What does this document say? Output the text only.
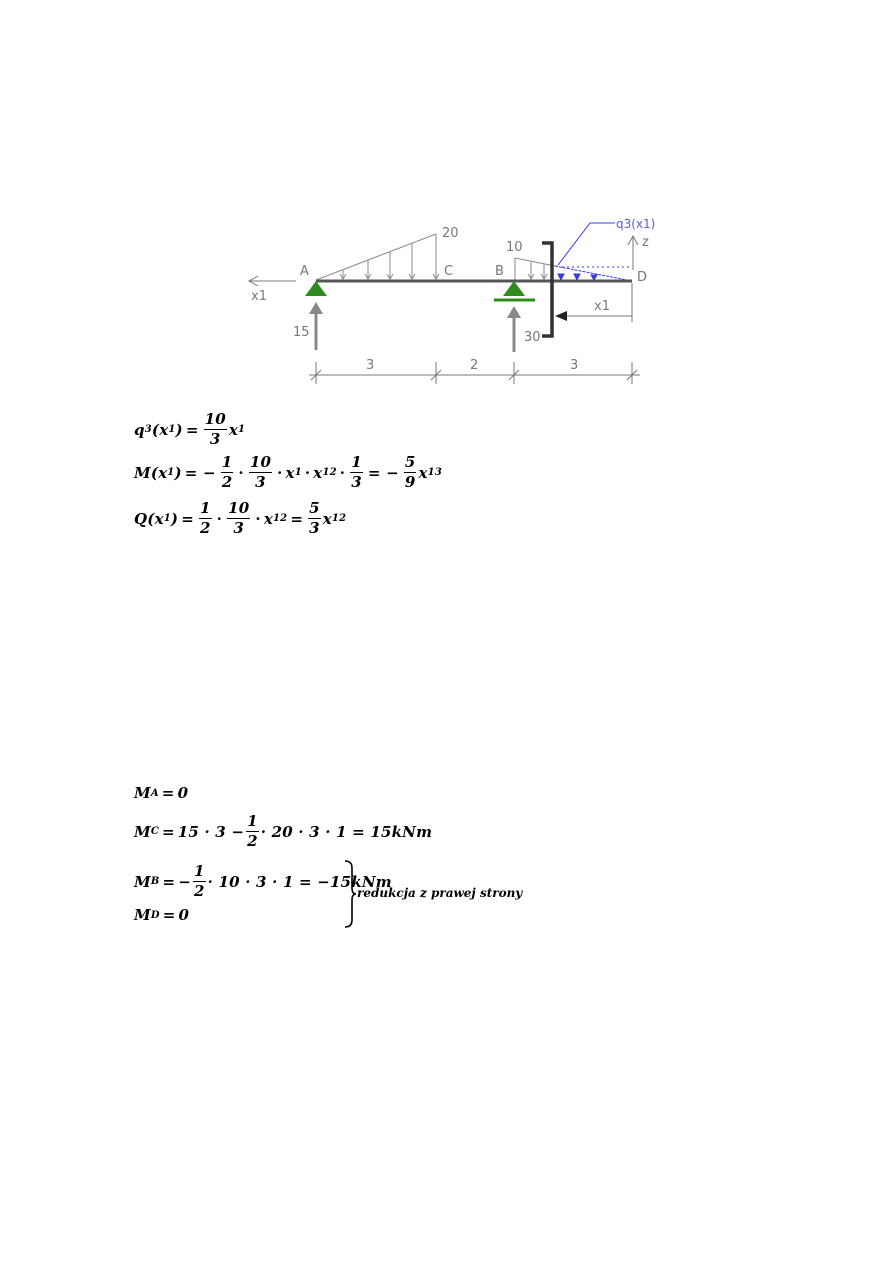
A	C	B	D
20
10
q3(x1)
15	30
x1
z
x1
3	2	3
q 3 ( x 1 ) = $\frac{10}{3}$ x 1
M ( x 1 ) = − $\frac{1}{2} \cdot \frac{10}{3} \cdot x$ 1 · x 1 $2 \cdot \frac{1}{3}$ = − $\frac{5}{9}$ x 1 3
Q ( x 1 ) = $\frac{1}{2} \cdot \frac{10}{3} \cdot x$ 1 $2 = \frac{5}{3}$ x 1 2
M A = 0
M $C = 15 \cdot 3 - \frac{1}{2} \cdot 20 \cdot 3 \cdot 1 = 15kNm$
M B = − $\frac{1}{2} \cdot 10 \cdot 3 \cdot 1 = -15kNm$
M D = 0
redukcja z prawej strony
